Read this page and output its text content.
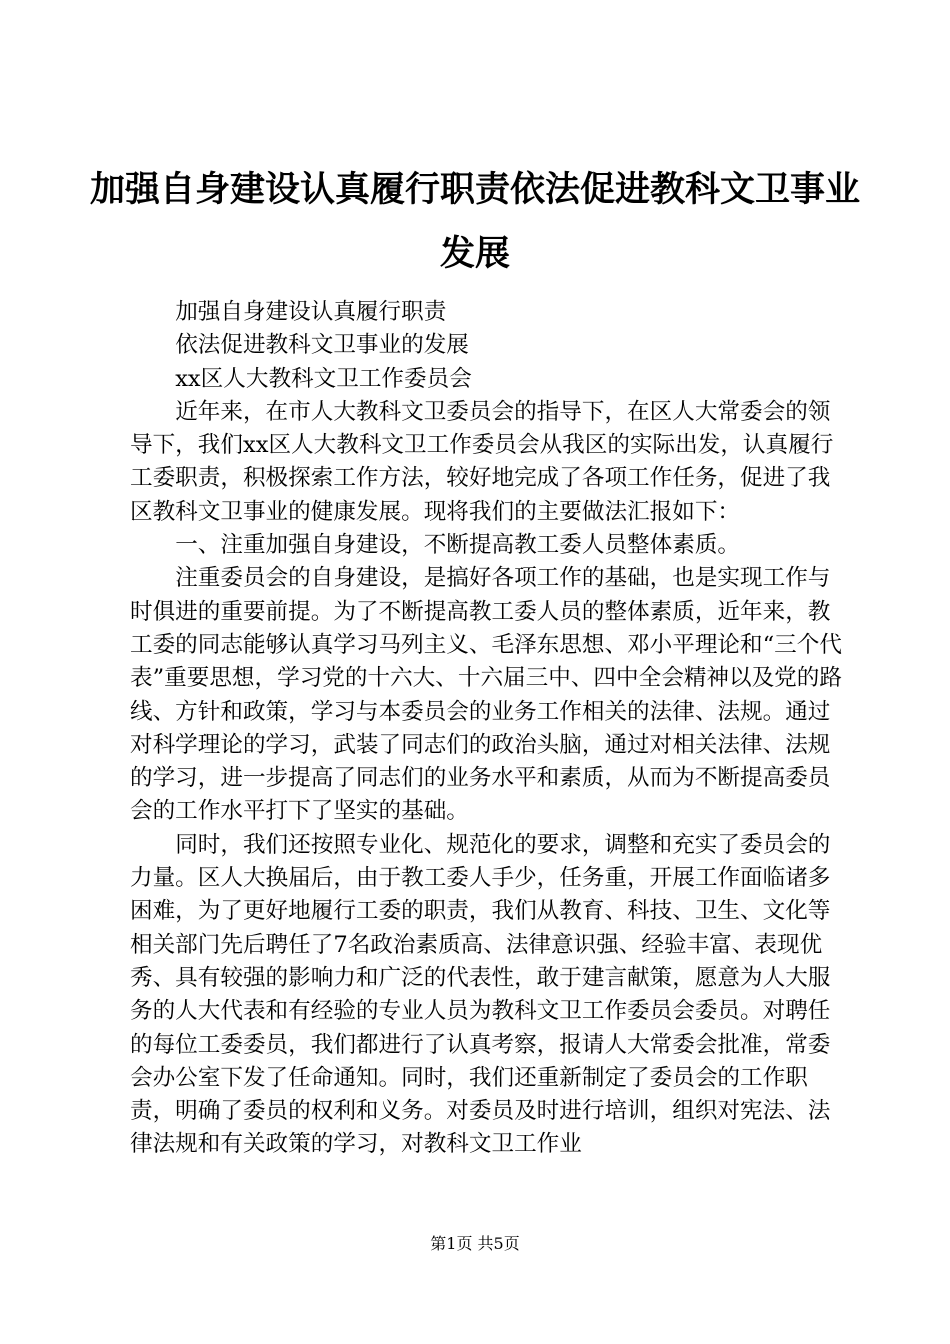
加强自身建设认真履行职责依法促进教科文卫事业发展

加强自身建设认真履行职责

依法促进教科文卫事业的发展

xx区人大教科文卫工作委员会

近年来，在市人大教科文卫委员会的指导下，在区人大常委会的领导下，我们xx区人大教科文卫工作委员会从我区的实际出发，认真履行工委职责，积极探索工作方法，较好地完成了各项工作任务，促进了我区教科文卫事业的健康发展。现将我们的主要做法汇报如下：

一、注重加强自身建设，不断提高教工委人员整体素质。

注重委员会的自身建设，是搞好各项工作的基础，也是实现工作与时俱进的重要前提。为了不断提高教工委人员的整体素质，近年来，教工委的同志能够认真学习马列主义、毛泽东思想、邓小平理论和“三个代表”重要思想，学习党的十六大、十六届三中、四中全会精神以及党的路线、方针和政策，学习与本委员会的业务工作相关的法律、法规。通过对科学理论的学习，武装了同志们的政治头脑，通过对相关法律、法规的学习，进一步提高了同志们的业务水平和素质，从而为不断提高委员会的工作水平打下了坚实的基础。

同时，我们还按照专业化、规范化的要求，调整和充实了委员会的力量。区人大换届后，由于教工委人手少，任务重，开展工作面临诸多困难，为了更好地履行工委的职责，我们从教育、科技、卫生、文化等相关部门先后聘任了7名政治素质高、法律意识强、经验丰富、表现优秀、具有较强的影响力和广泛的代表性，敢于建言献策，愿意为人大服务的人大代表和有经验的专业人员为教科文卫工作委员会委员。对聘任的每位工委委员，我们都进行了认真考察，报请人大常委会批准，常委会办公室下发了任命通知。同时，我们还重新制定了委员会的工作职责，明确了委员的权利和义务。对委员及时进行培训，组织对宪法、法律法规和有关政策的学习，对教科文卫工作业

第1页 共5页
